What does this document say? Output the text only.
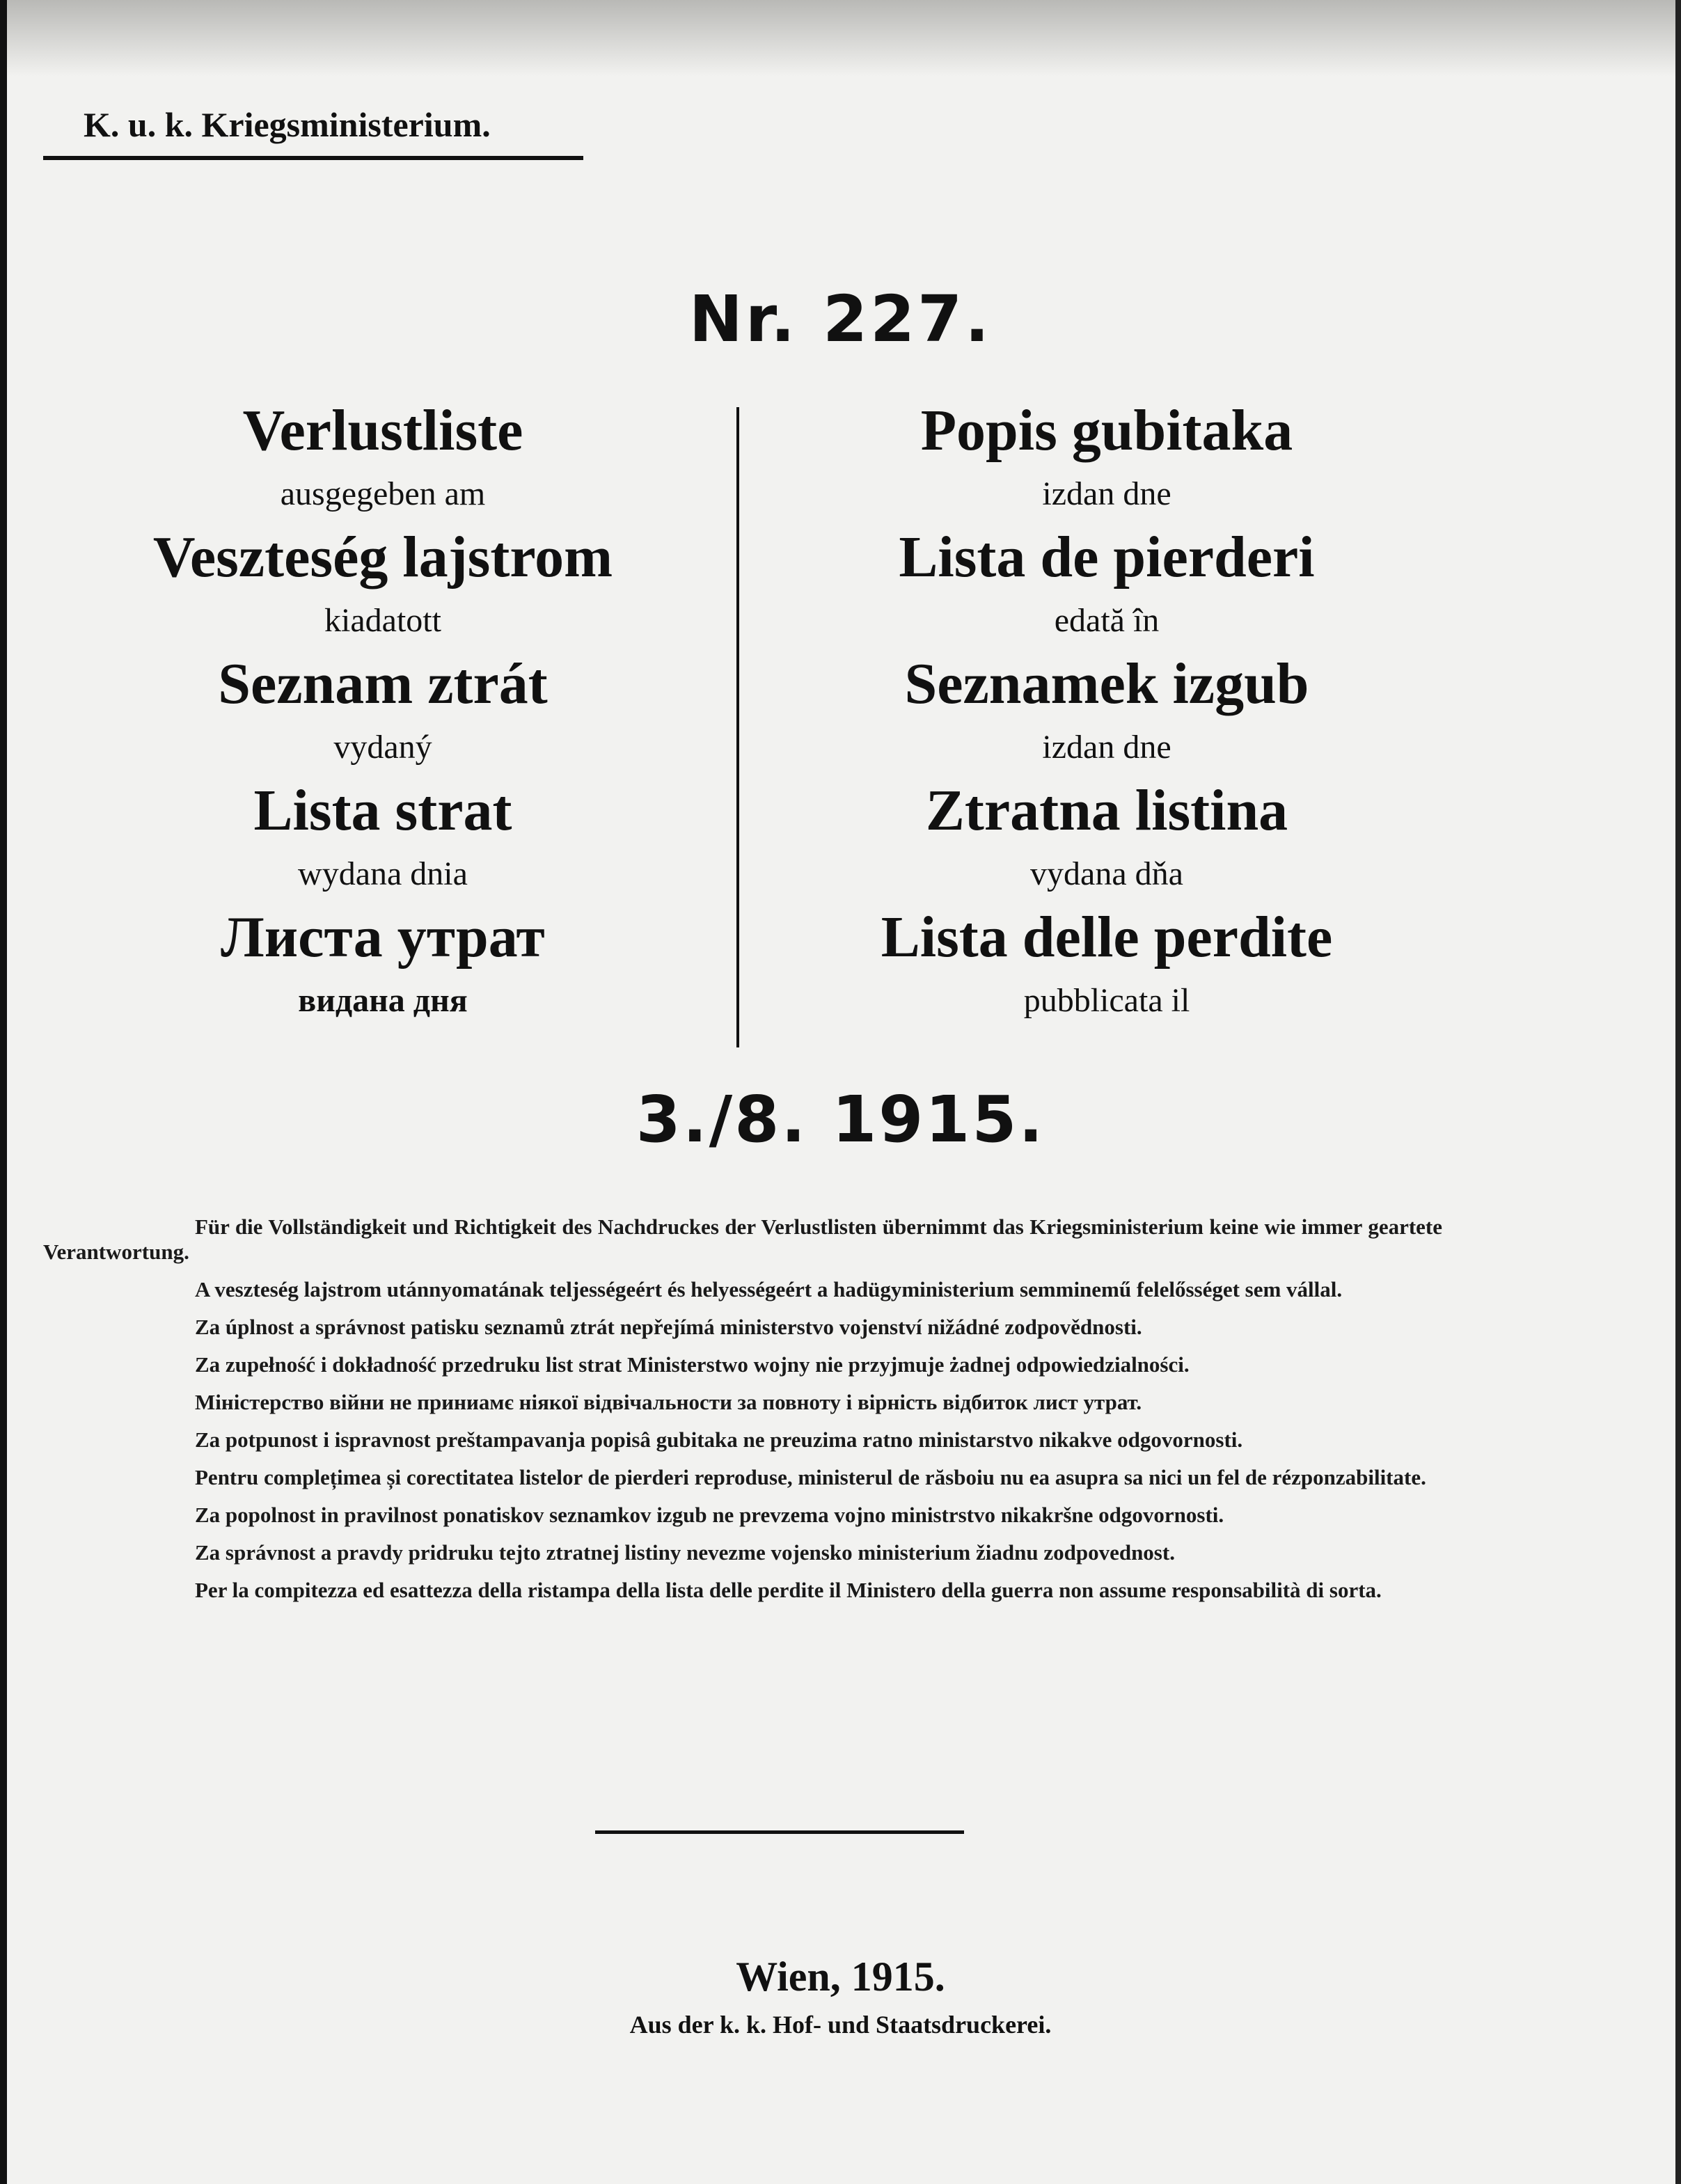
K. u. k. Kriegsministerium.
Nr. 227.

Verlustliste

ausgegeben am

Veszteség lajstrom

kiadatott

Seznam ztrát

vydaný

Lista strat

wydana dnia

Листа утрат

видана дня

Popis gubitaka

izdan dne

Lista de pierderi

edată în

Seznamek izgub

izdan dne

Ztratna listina

vydana dňa

Lista delle perdite

pubblicata il

3./8. 1915.

Für die Vollständigkeit und Richtigkeit des Nachdruckes der Verlustlisten übernimmt das Kriegsministerium keine wie immer geartete Verantwortung.

A veszteség lajstrom utánnyomatának teljességeért és helyességeért a hadügyministerium semminemű felelősséget sem vállal.

Za úplnost a správnost patisku seznamů ztrát nepřejímá ministerstvo vojenství nižádné zodpovědnosti.

Za zupełność i dokładność przedruku list strat Ministerstwo wojny nie przyjmuje żadnej odpowiedzialności.

Міністерство війни не приниамє ніякої відвічальности за повноту і вірність відбиток лист утрат.

Za potpunost i ispravnost preštampavanja popisâ gubitaka ne preuzima ratno ministarstvo nikakve odgovornosti.

Pentru complețimea și corectitatea listelor de pierderi reproduse, ministerul de răsboiu nu ea asupra sa nici un fel de rézponzabilitate.

Za popolnost in pravilnost ponatiskov seznamkov izgub ne prevzema vojno ministrstvo nikakršne odgovornosti.

Za správnost a pravdy pridruku tejto ztratnej listiny nevezme vojensko ministerium žiadnu zodpovednost.

Per la compitezza ed esattezza della ristampa della lista delle perdite il Ministero della guerra non assume responsabilità di sorta.

Wien, 1915.
Aus der k. k. Hof- und Staatsdruckerei.
